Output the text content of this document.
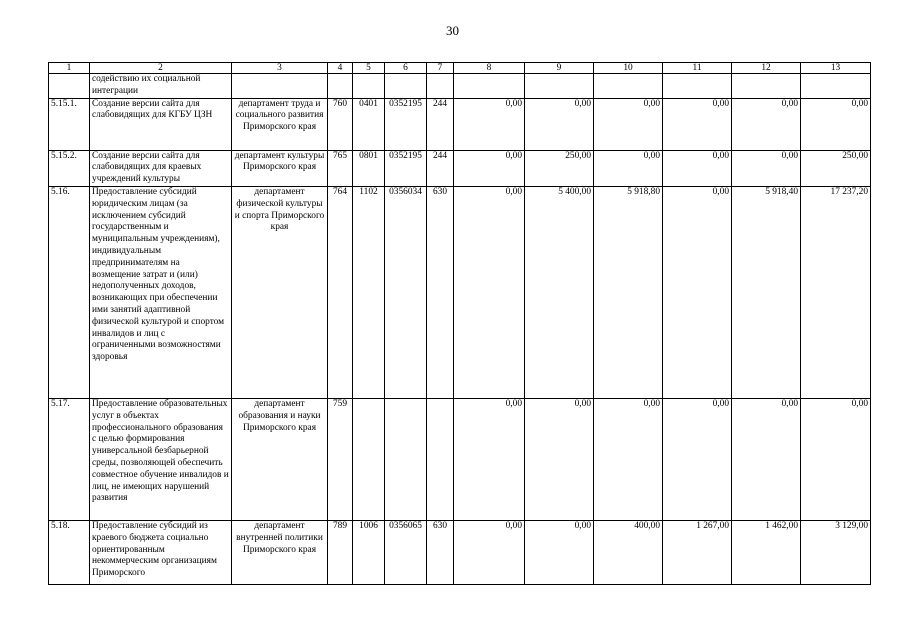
30
1	2	3	4	5	6	7	8	9	10	11	12	13
	содействию их социальной интеграции											
5.15.1.	Создание версии сайта для слабовидящих для КГБУ ЦЗН	департамент труда и социального развития Приморского края	760	0401	0352195	244	0,00	0,00	0,00	0,00	0,00	0,00
5.15.2.	Создание версии сайта для слабовидящих для краевых учреждений культуры	департамент культуры Приморского края	765	0801	0352195	244	0,00	250,00	0,00	0,00	0,00	250,00
5.16.	Предоставление субсидий юридическим лицам (за исключением субсидий государственным и муниципальным учреждениям), индивидуальным предпринимателям на возмещение затрат и (или) недополученных доходов, возникающих при обеспечении ими занятий адаптивной физической культурой и спортом инвалидов и лиц с ограниченными возможностями здоровья	департамент физической культуры и спорта Приморского края	764	1102	0356034	630	0,00	5 400,00	5 918,80	0,00	5 918,40	17 237,20
5.17.	Предоставление образовательных услуг в объектах профессионального образования с целью формирования универсальной безбарьерной среды, позволяющей обеспечить совместное обучение инвалидов и лиц, не имеющих нарушений развития	департамент образования и науки Приморского края	759				0,00	0,00	0,00	0,00	0,00	0,00
5.18.	Предоставление субсидий из краевого бюджета социально ориентированным некоммерческим организациям Приморского	департамент внутренней политики Приморского края	789	1006	0356065	630	0,00	0,00	400,00	1 267,00	1 462,00	3 129,00
